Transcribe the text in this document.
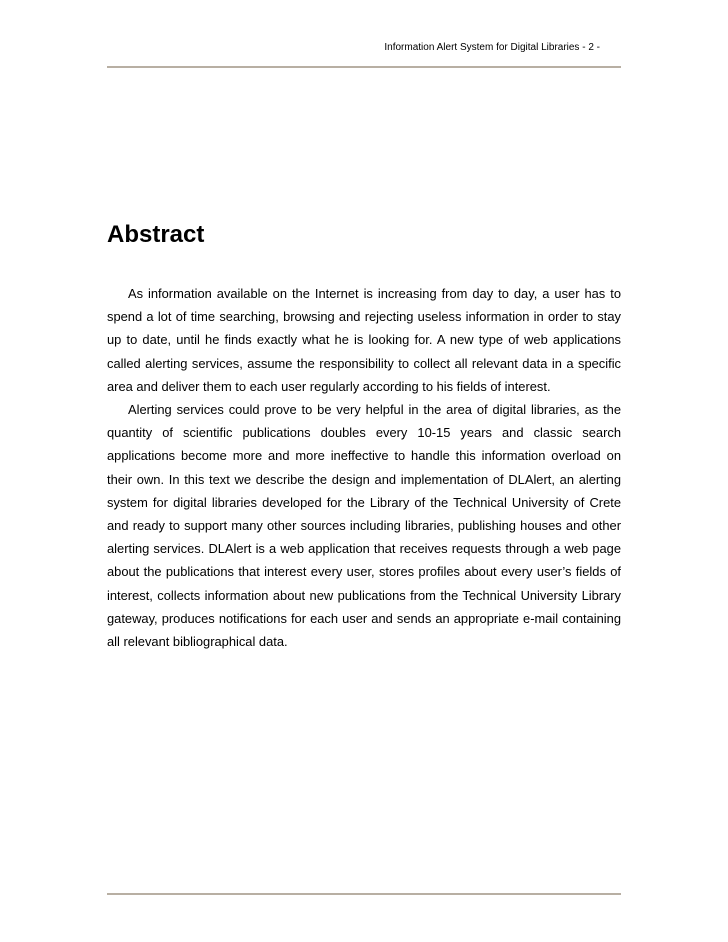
Information Alert System for Digital Libraries - 2 -
Abstract

As information available on the Internet is increasing from day to day, a user has to spend a lot of time searching, browsing and rejecting useless information in order to stay up to date, until he finds exactly what he is looking for. A new type of web applications called alerting services, assume the responsibility to collect all relevant data in a specific area and deliver them to each user regularly according to his fields of interest.

Alerting services could prove to be very helpful in the area of digital libraries, as the quantity of scientific publications doubles every 10-15 years and classic search applications become more and more ineffective to handle this information overload on their own. In this text we describe the design and implementation of DLAlert, an alerting system for digital libraries developed for the Library of the Technical University of Crete and ready to support many other sources including libraries, publishing houses and other alerting services. DLAlert is a web application that receives requests through a web page about the publications that interest every user, stores profiles about every user’s fields of interest, collects information about new publications from the Technical University Library gateway, produces notifications for each user and sends an appropriate e-mail containing all relevant bibliographical data.
